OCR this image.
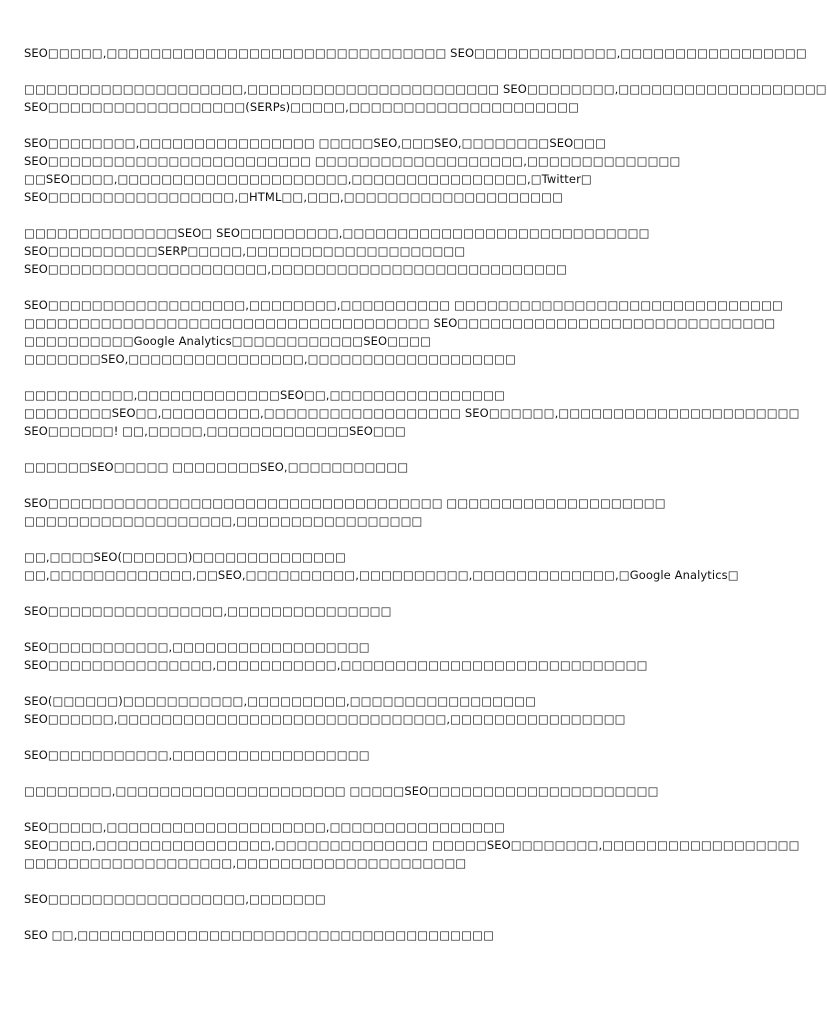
SEO□□□□□,□□□□□□□□□□□□□□□□□□□□□□□□□□□□□□□ SEO□□□□□□□□□□□□□,□□□□□□□□□□□□□□□□□
□□□□□□□□□□□□□□□□□□□□,□□□□□□□□□□□□□□□□□□□□□□□ SEO□□□□□□□□,□□□□□□□□□□□□□□□□□□□
SEO□□□□□□□□□□□□□□□□□□(SERPs)□□□□□,□□□□□□□□□□□□□□□□□□□□□
SEO□□□□□□□□,□□□□□□□□□□□□□□□□ □□□□□SEO,□□□SEO,□□□□□□□□SEO□□□
SEO□□□□□□□□□□□□□□□□□□□□□□□□ □□□□□□□□□□□□□□□□□□□,□□□□□□□□□□□□□□
□□SEO□□□□,□□□□□□□□□□□□□□□□□□□□□,□□□□□□□□□□□□□□□□,□Twitter□
SEO□□□□□□□□□□□□□□□□□,□HTML□□,□□□,□□□□□□□□□□□□□□□□□□□□
□□□□□□□□□□□□□□SEO□ SEO□□□□□□□□□,□□□□□□□□□□□□□□□□□□□□□□□□□□□□
SEO□□□□□□□□□□SERP□□□□□,□□□□□□□□□□□□□□□□□□□□
SEO□□□□□□□□□□□□□□□□□□□□,□□□□□□□□□□□□□□□□□□□□□□□□□□□
SEO□□□□□□□□□□□□□□□□□□,□□□□□□□□,□□□□□□□□□□ □□□□□□□□□□□□□□□□□□□□□□□□□□□□□□
□□□□□□□□□□□□□□□□□□□□□□□□□□□□□□□□□□□□□ SEO□□□□□□□□□□□□□□□□□□□□□□□□□□□□□
□□□□□□□□□□Google Analytics□□□□□□□□□□□□SEO□□□□
□□□□□□□SEO,□□□□□□□□□□□□□□□□,□□□□□□□□□□□□□□□□□□□
□□□□□□□□□□,□□□□□□□□□□□□□SEO□□,□□□□□□□□□□□□□□□□
□□□□□□□□SEO□□,□□□□□□□□□,□□□□□□□□□□□□□□□□□□ SEO□□□□□□,□□□□□□□□□□□□□□□□□□□□□□
SEO□□□□□□! □□,□□□□□,□□□□□□□□□□□□□SEO□□□
□□□□□□SEO□□□□□ □□□□□□□□SEO,□□□□□□□□□□□
SEO□□□□□□□□□□□□□□□□□□□□□□□□□□□□□□□□□□□□ □□□□□□□□□□□□□□□□□□□□
□□□□□□□□□□□□□□□□□□□,□□□□□□□□□□□□□□□□□
□□,□□□□SEO(□□□□□□)□□□□□□□□□□□□□□
□□,□□□□□□□□□□□□□,□□SEO,□□□□□□□□□□,□□□□□□□□□□,□□□□□□□□□□□□□,□Google Analytics□
SEO□□□□□□□□□□□□□□□□,□□□□□□□□□□□□□□□
SEO□□□□□□□□□□□,□□□□□□□□□□□□□□□□□□
SEO□□□□□□□□□□□□□□□,□□□□□□□□□□□,□□□□□□□□□□□□□□□□□□□□□□□□□□□□
SEO(□□□□□□)□□□□□□□□□□□,□□□□□□□□□,□□□□□□□□□□□□□□□□□
SEO□□□□□□,□□□□□□□□□□□□□□□□□□□□□□□□□□□□□□,□□□□□□□□□□□□□□□□
SEO□□□□□□□□□□□,□□□□□□□□□□□□□□□□□□
□□□□□□□□,□□□□□□□□□□□□□□□□□□□□□ □□□□□SEO□□□□□□□□□□□□□□□□□□□□□
SEO□□□□□,□□□□□□□□□□□□□□□□□□□□,□□□□□□□□□□□□□□□□
SEO□□□□,□□□□□□□□□□□□□□□□,□□□□□□□□□□□□□□ □□□□□SEO□□□□□□□□,□□□□□□□□□□□□□□□□□□
□□□□□□□□□□□□□□□□□□□,□□□□□□□□□□□□□□□□□□□□□
SEO□□□□□□□□□□□□□□□□□□,□□□□□□□
SEO □□,□□□□□□□□□□□□□□□□□□□□□□□□□□□□□□□□□□□□□□
